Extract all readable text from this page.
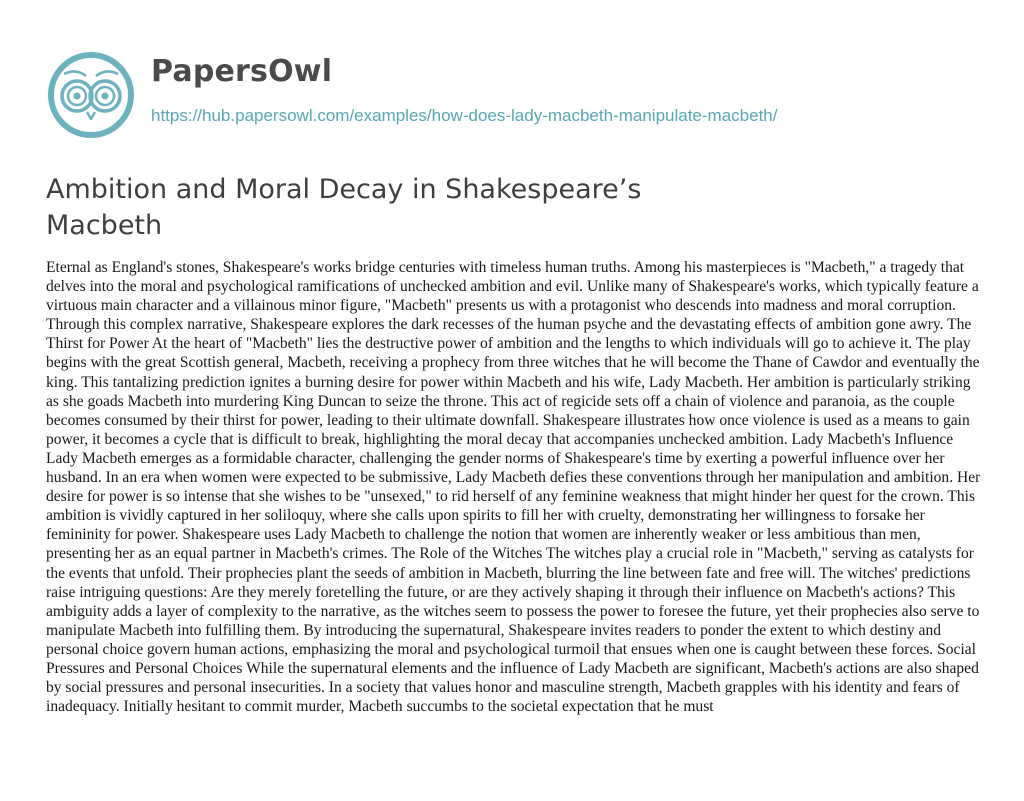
PapersOwl
https://hub.papersowl.com/examples/how-does-lady-macbeth-manipulate-macbeth/
Ambition and Moral Decay in Shakespeare’s Macbeth

Eternal as England's stones, Shakespeare's works bridge centuries with timeless human truths. Among his masterpieces is "Macbeth," a tragedy that delves into the moral and psychological ramifications of unchecked ambition and evil. Unlike many of Shakespeare's works, which typically feature a virtuous main character and a villainous minor figure, "Macbeth" presents us with a protagonist who descends into madness and moral corruption. Through this complex narrative, Shakespeare explores the dark recesses of the human psyche and the devastating effects of ambition gone awry. The Thirst for Power At the heart of "Macbeth" lies the destructive power of ambition and the lengths to which individuals will go to achieve it. The play begins with the great Scottish general, Macbeth, receiving a prophecy from three witches that he will become the Thane of Cawdor and eventually the king. This tantalizing prediction ignites a burning desire for power within Macbeth and his wife, Lady Macbeth. Her ambition is particularly striking as she goads Macbeth into murdering King Duncan to seize the throne. This act of regicide sets off a chain of violence and paranoia, as the couple becomes consumed by their thirst for power, leading to their ultimate downfall. Shakespeare illustrates how once violence is used as a means to gain power, it becomes a cycle that is difficult to break, highlighting the moral decay that accompanies unchecked ambition. Lady Macbeth's Influence Lady Macbeth emerges as a formidable character, challenging the gender norms of Shakespeare's time by exerting a powerful influence over her husband. In an era when women were expected to be submissive, Lady Macbeth defies these conventions through her manipulation and ambition. Her desire for power is so intense that she wishes to be "unsexed," to rid herself of any feminine weakness that might hinder her quest for the crown. This ambition is vividly captured in her soliloquy, where she calls upon spirits to fill her with cruelty, demonstrating her willingness to forsake her femininity for power. Shakespeare uses Lady Macbeth to challenge the notion that women are inherently weaker or less ambitious than men, presenting her as an equal partner in Macbeth's crimes. The Role of the Witches The witches play a crucial role in "Macbeth," serving as catalysts for the events that unfold. Their prophecies plant the seeds of ambition in Macbeth, blurring the line between fate and free will. The witches' predictions raise intriguing questions: Are they merely foretelling the future, or are they actively shaping it through their influence on Macbeth's actions? This ambiguity adds a layer of complexity to the narrative, as the witches seem to possess the power to foresee the future, yet their prophecies also serve to manipulate Macbeth into fulfilling them. By introducing the supernatural, Shakespeare invites readers to ponder the extent to which destiny and personal choice govern human actions, emphasizing the moral and psychological turmoil that ensues when one is caught between these forces. Social Pressures and Personal Choices While the supernatural elements and the influence of Lady Macbeth are significant, Macbeth's actions are also shaped by social pressures and personal insecurities. In a society that values honor and masculine strength, Macbeth grapples with his identity and fears of inadequacy. Initially hesitant to commit murder, Macbeth succumbs to the societal expectation that he must
